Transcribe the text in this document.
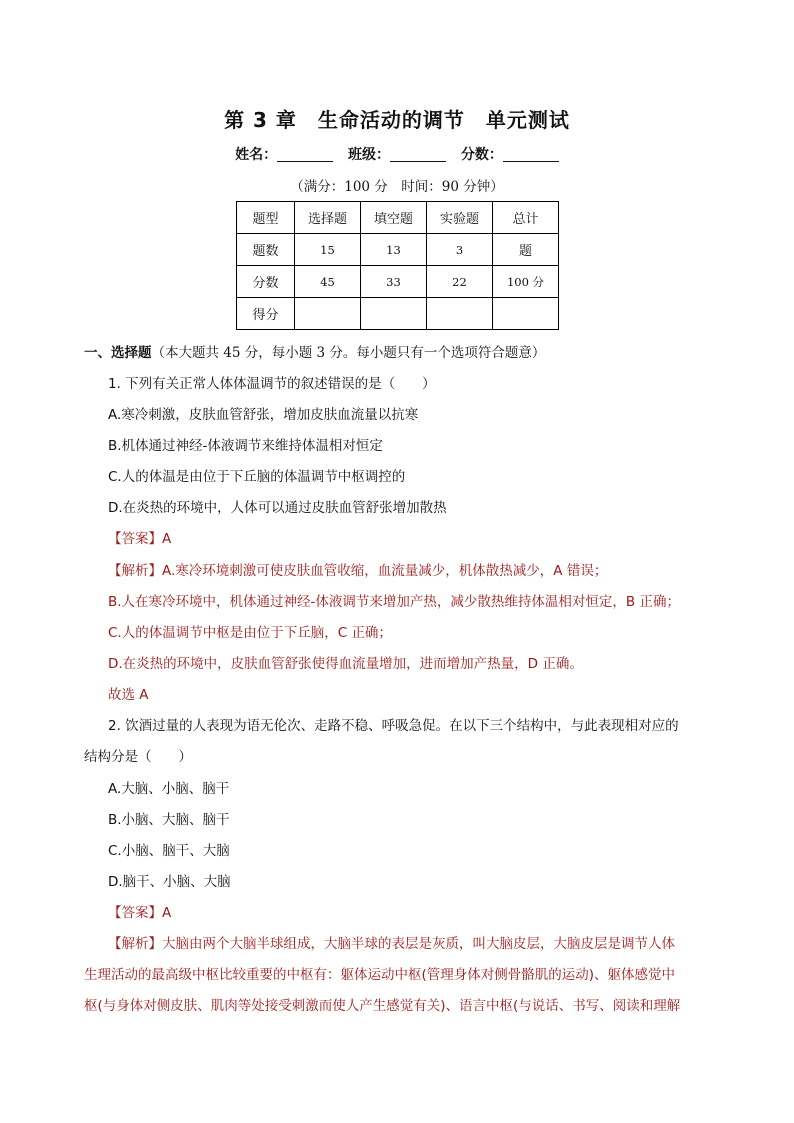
第 3 章　生命活动的调节　单元测试
姓名：	班级：	分数：
（满分：100 分　时间：90 分钟）
题型	选择题	填空题	实验题	总计
题数	15	13	3	题
分数	45	33	22	100 分
得分				
一、选择题（本大题共 45 分，每小题 3 分。每小题只有一个选项符合题意）
1. 下列有关正常人体体温调节的叙述错误的是（　　）
A.寒冷刺激，皮肤血管舒张，增加皮肤血流量以抗寒
B.机体通过神经-体液调节来维持体温相对恒定
C.人的体温是由位于下丘脑的体温调节中枢调控的
D.在炎热的环境中，人体可以通过皮肤血管舒张增加散热
【答案】A
【解析】A.寒冷环境刺激可使皮肤血管收缩，血流量减少，机体散热减少，A 错误；
B.人在寒冷环境中，机体通过神经-体液调节来增加产热，减少散热维持体温相对恒定，B 正确；
C.人的体温调节中枢是由位于下丘脑，C 正确；
D.在炎热的环境中，皮肤血管舒张使得血流量增加，进而增加产热量，D 正确。
故选 A
2. 饮酒过量的人表现为语无伦次、走路不稳、呼吸急促。在以下三个结构中，与此表现相对应的
结构分是（　　）
A.大脑、小脑、脑干
B.小脑、大脑、脑干
C.小脑、脑干、大脑
D.脑干、小脑、大脑
【答案】A
【解析】大脑由两个大脑半球组成，大脑半球的表层是灰质，叫大脑皮层，大脑皮层是调节人体
生理活动的最高级中枢比较重要的中枢有：躯体运动中枢(管理身体对侧骨骼肌的运动)、躯体感觉中
枢(与身体对侧皮肤、肌肉等处接受刺激而使人产生感觉有关)、语言中枢(与说话、书写、阅读和理解
